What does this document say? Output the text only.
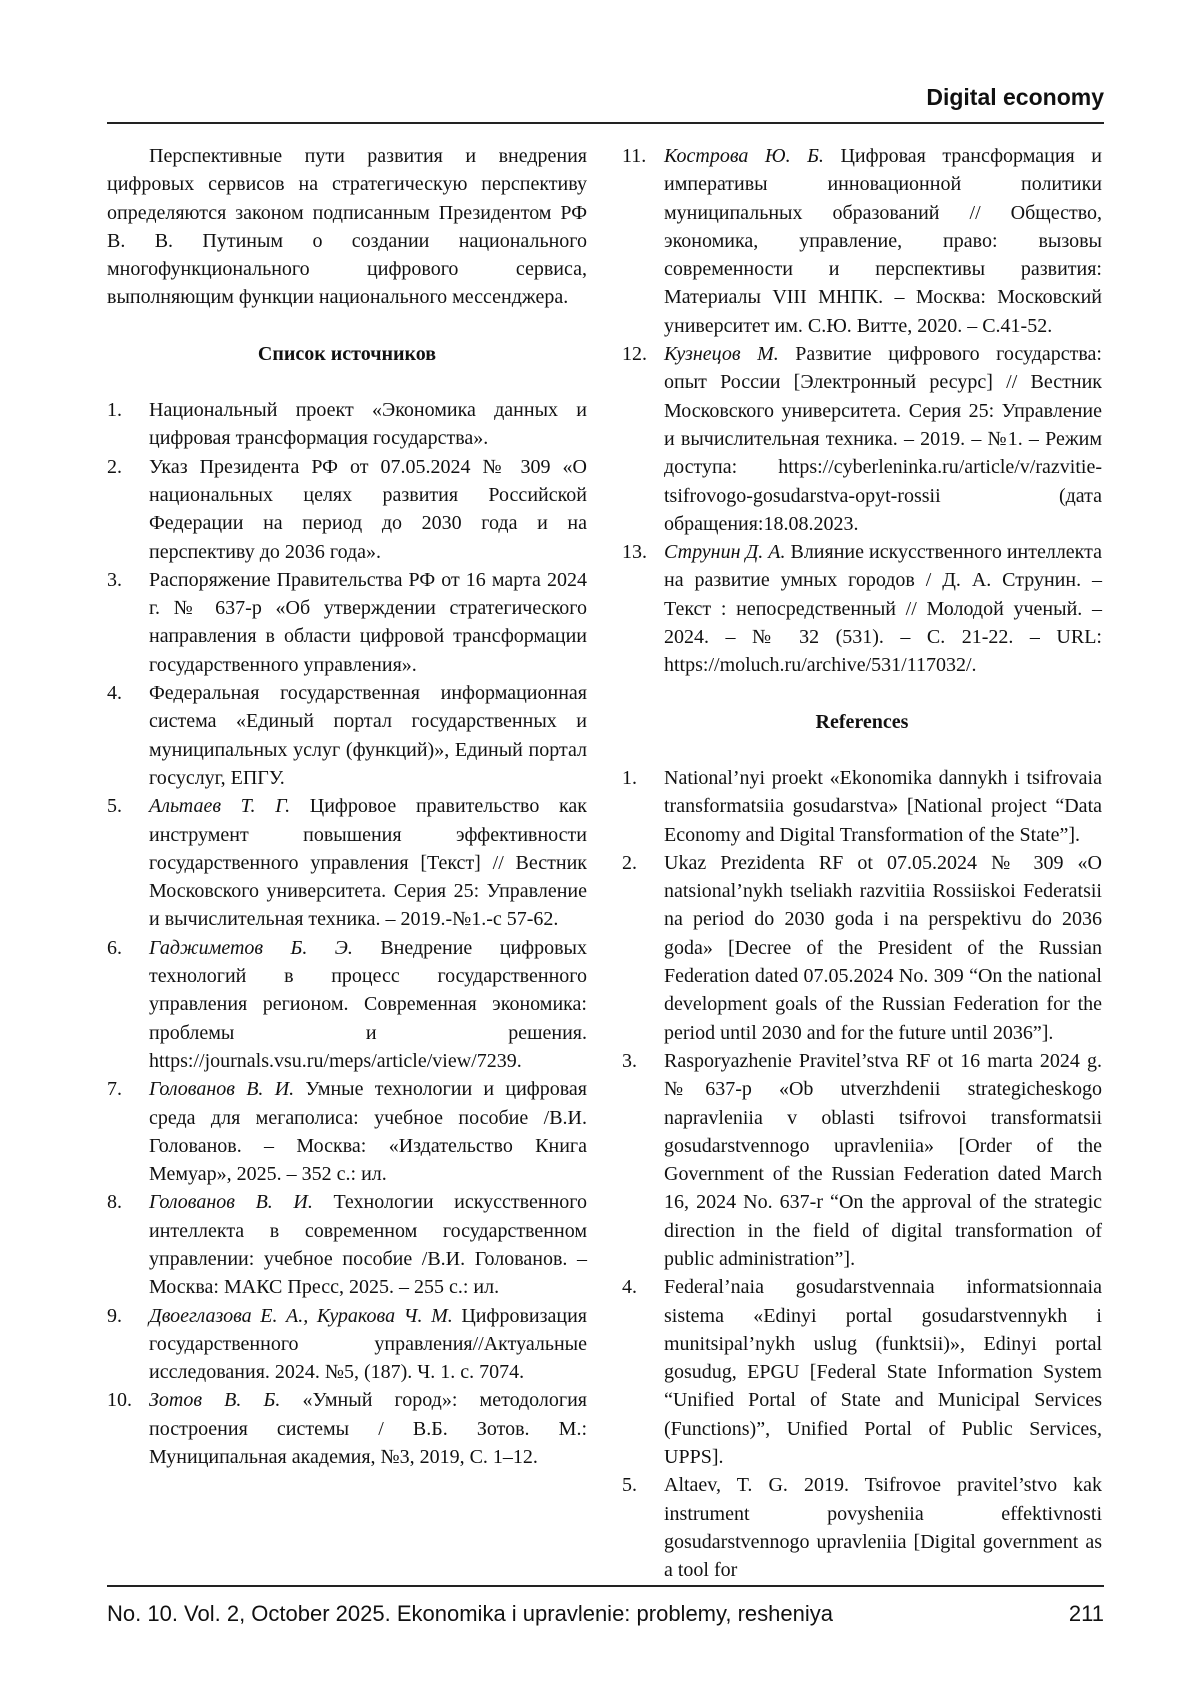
Digital economy

Перспективные пути развития и внедрения цифровых сервисов на стратегическую перспективу определяются законом подписанным Президентом РФ В. В. Путиным о создании национального многофункционального цифрового сервиса, выполняющим функции национального мессенджера.

Список источников
1. Национальный проект «Экономика данных и цифровая трансформация государства».
2. Указ Президента РФ от 07.05.2024 № 309 «О национальных целях развития Российской Федерации на период до 2030 года и на перспективу до 2036 года».
3. Распоряжение Правительства РФ от 16 марта 2024 г. № 637-р «Об утверждении стратегического направления в области цифровой трансформации государственного управления».
4. Федеральная государственная информационная система «Единый портал государственных и муниципальных услуг (функций)», Единый портал госуслуг, ЕПГУ.
5. Альтаев Т. Г. Цифровое правительство как инструмент повышения эффективности государственного управления [Текст] // Вестник Московского университета. Серия 25: Управление и вычислительная техника. – 2019.-№1.-с 57-62.
6. Гаджиметов Б. Э. Внедрение цифровых технологий в процесс государственного управления регионом. Современная экономика: проблемы и решения. https://journals.vsu.ru/meps/article/view/7239.
7. Голованов В. И. Умные технологии и цифровая среда для мегаполиса: учебное пособие /В.И. Голованов. – Москва: «Издательство Книга Мемуар», 2025. – 352 с.: ил.
8. Голованов В. И. Технологии искусственного интеллекта в современном государственном управлении: учебное пособие /В.И. Голованов. – Москва: МАКС Пресс, 2025. – 255 с.: ил.
9. Двоеглазова Е. А., Куракова Ч. М. Цифровизация государственного управления//Актуальные исследования. 2024. №5, (187). Ч. 1. с. 7074.
10. Зотов В. Б. «Умный город»: методология построения системы / В.Б. Зотов. М.: Муниципальная академия, №3, 2019, С. 1–12.
11. Кострова Ю. Б. Цифровая трансформация и императивы инновационной политики муниципальных образований // Общество, экономика, управление, право: вызовы современности и перспективы развития: Материалы VIII МНПК. – Москва: Московский университет им. С.Ю. Витте, 2020. – С.41-52.
12. Кузнецов М. Развитие цифрового государства: опыт России [Электронный ресурс] // Вестник Московского университета. Серия 25: Управление и вычислительная техника. – 2019. – №1. – Режим доступа: https://cyberleninka.ru/article/v/razvitie-tsifrovogo-gosudarstva-opyt-rossii (дата обращения:18.08.2023.
13. Струнин Д. А. Влияние искусственного интеллекта на развитие умных городов / Д. А. Струнин. – Текст : непосредственный // Молодой ученый. – 2024. – № 32 (531). – С. 21-22. – URL: https://moluch.ru/archive/531/117032/.
References
1. National’nyi proekt «Ekonomika dannykh i tsifrovaia transformatsiia gosudarstva» [National project “Data Economy and Digital Transformation of the State”].
2. Ukaz Prezidenta RF ot 07.05.2024 № 309 «O natsional’nykh tseliakh razvitiia Rossiiskoi Federatsii na period do 2030 goda i na perspektivu do 2036 goda» [Decree of the President of the Russian Federation dated 07.05.2024 No. 309 “On the national development goals of the Russian Federation for the period until 2030 and for the future until 2036”].
3. Rasporyazhenie Pravitel’stva RF ot 16 marta 2024 g. №637-р «Ob utverzhdenii strategicheskogo napravleniia v oblasti tsifrovoi transformatsii gosudarstvennogo upravleniia» [Order of the Government of the Russian Federation dated March 16, 2024 No. 637-r “On the approval of the strategic direction in the field of digital transformation of public administration”].
4. Federal’naia gosudarstvennaia informatsionnaia sistema «Edinyi portal gosudarstvennykh i munitsipal’nykh uslug (funktsii)», Edinyi portal gosudug, EPGU [Federal State Information System “Unified Portal of State and Municipal Services (Functions)”, Unified Portal of Public Services, UPPS].
5. Altaev, T. G. 2019. Tsifrovoe pravitel’stvo kak instrument povysheniia effektivnosti gosudarstvennogo upravleniia [Digital government as a tool for
No. 10. Vol. 2, October 2025. Ekonomika i upravlenie: problemy, resheniya	211
